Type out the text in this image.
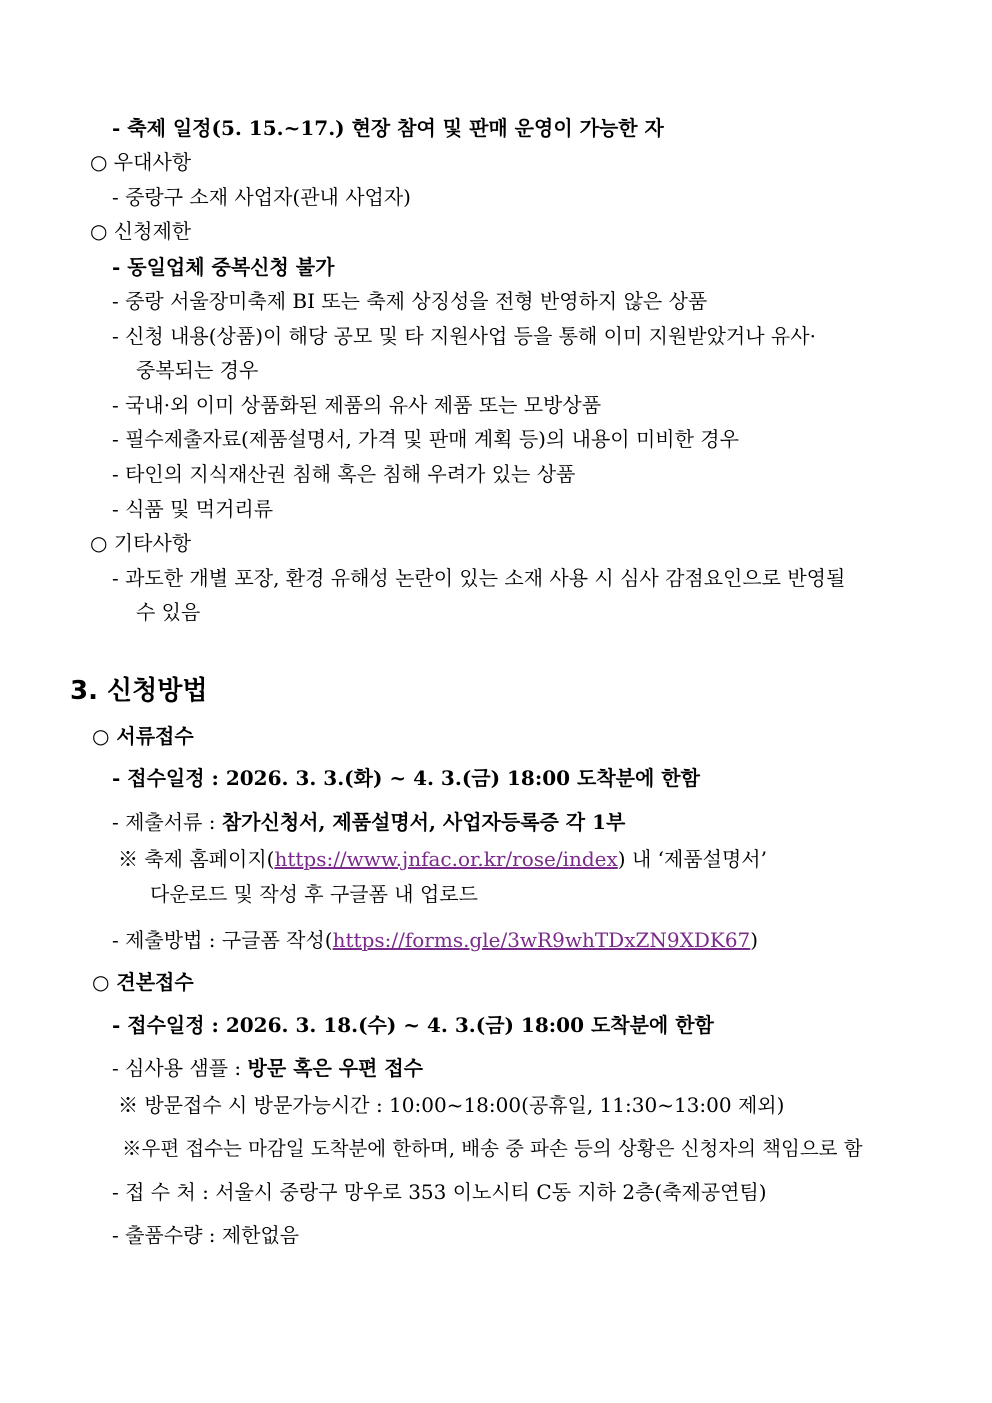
- 축제 일정(5. 15.~17.) 현장 참여 및 판매 운영이 가능한 자
○ 우대사항
- 중랑구 소재 사업자(관내 사업자)
○ 신청제한
- 동일업체 중복신청 불가
- 중랑 서울장미축제 BI 또는 축제 상징성을 전형 반영하지 않은 상품
- 신청 내용(상품)이 해당 공모 및 타 지원사업 등을 통해 이미 지원받았거나 유사·
중복되는 경우
- 국내·외 이미 상품화된 제품의 유사 제품 또는 모방상품
- 필수제출자료(제품설명서, 가격 및 판매 계획 등)의 내용이 미비한 경우
- 타인의 지식재산권 침해 혹은 침해 우려가 있는 상품
- 식품 및 먹거리류
○ 기타사항
- 과도한 개별 포장, 환경 유해성 논란이 있는 소재 사용 시 심사 감점요인으로 반영될
수 있음
3. 신청방법
○ 서류접수
- 접수일정 : 2026. 3. 3.(화) ~ 4. 3.(금) 18:00 도착분에 한함
- 제출서류 : 참가신청서, 제품설명서, 사업자등록증 각 1부
※ 축제 홈페이지(https://www.jnfac.or.kr/rose/index) 내 ‘제품설명서’
다운로드 및 작성 후 구글폼 내 업로드
- 제출방법 : 구글폼 작성(https://forms.gle/3wR9whTDxZN9XDK67)
○ 견본접수
- 접수일정 : 2026. 3. 18.(수) ~ 4. 3.(금) 18:00 도착분에 한함
- 심사용 샘플 : 방문 혹은 우편 접수
※ 방문접수 시 방문가능시간 : 10:00~18:00(공휴일, 11:30~13:00 제외)
※우편 접수는 마감일 도착분에 한하며, 배송 중 파손 등의 상황은 신청자의 책임으로 함
- 접 수 처 : 서울시 중랑구 망우로 353 이노시티 C동 지하 2층(축제공연팀)
- 출품수량 : 제한없음
